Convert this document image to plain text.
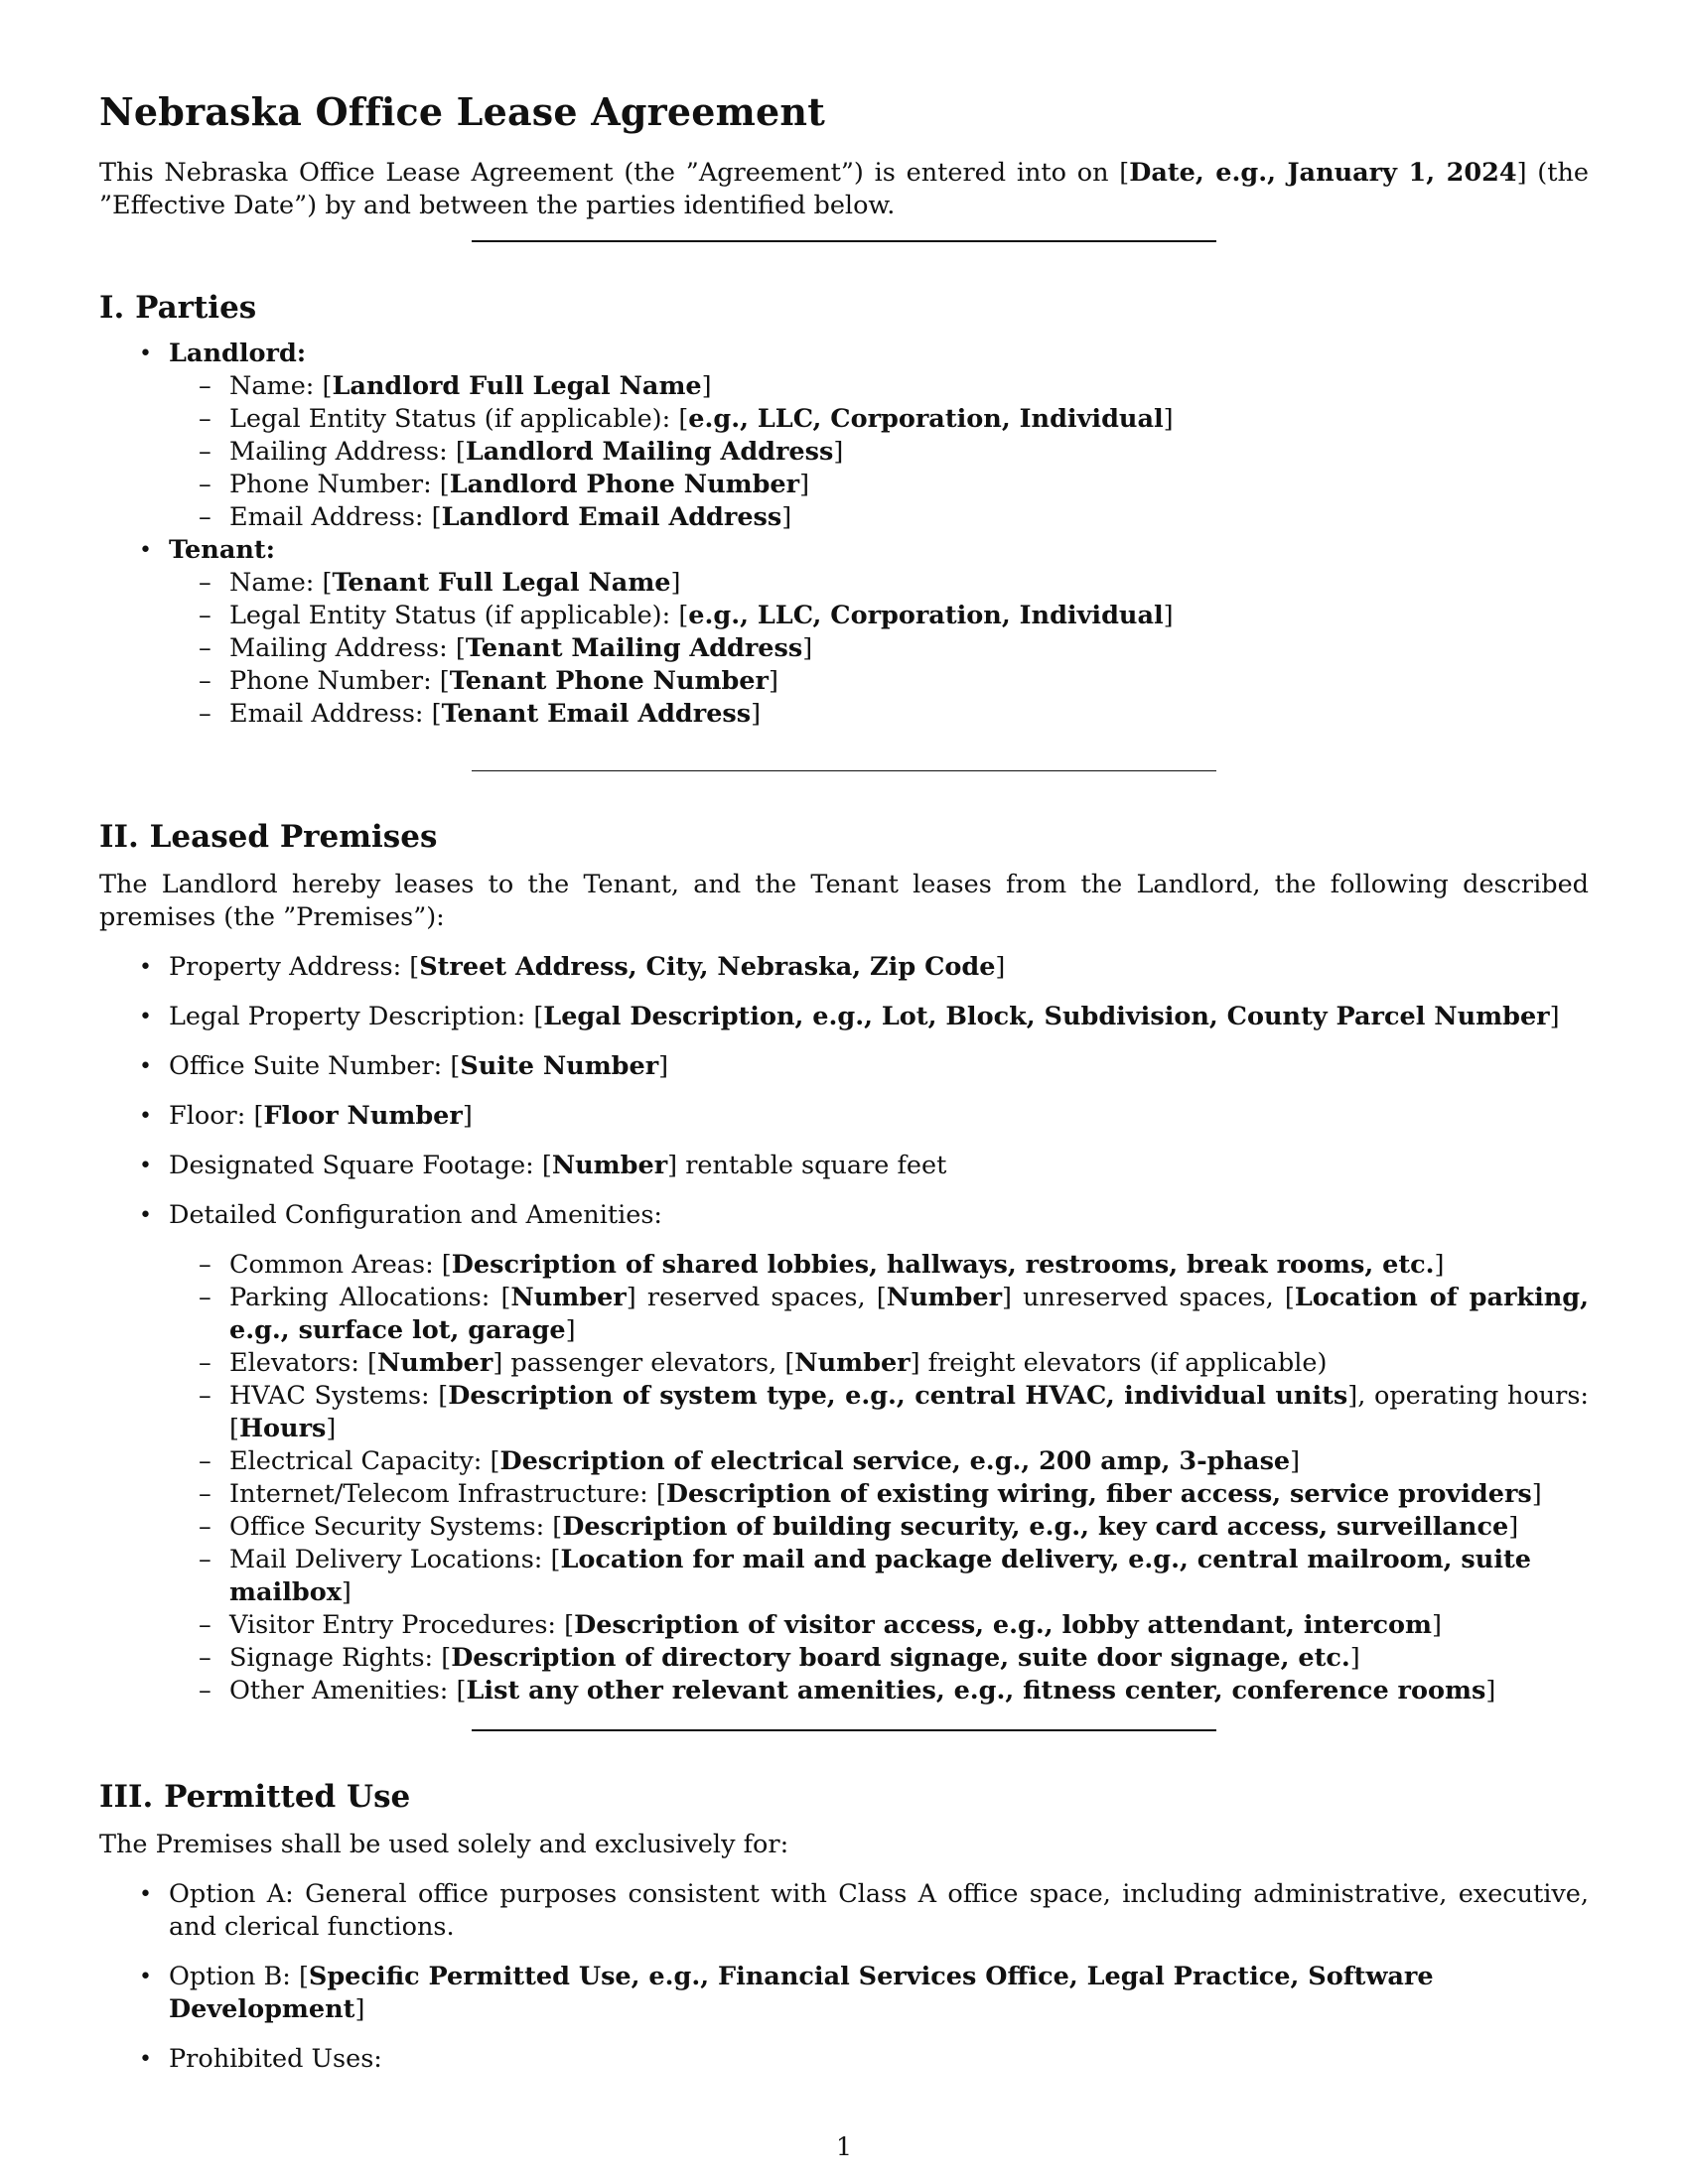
Nebraska Office Lease Agreement

This Nebraska Office Lease Agreement (the ”Agreement”) is entered into on [Date, e.g., January 1, 2024] (the ”Effective Date”) by and between the parties identified below.

I. Parties
• Landlord:
– Name: [Landlord Full Legal Name]
– Legal Entity Status (if applicable): [e.g., LLC, Corporation, Individual]
– Mailing Address: [Landlord Mailing Address]
– Phone Number: [Landlord Phone Number]
– Email Address: [Landlord Email Address]
• Tenant:
– Name: [Tenant Full Legal Name]
– Legal Entity Status (if applicable): [e.g., LLC, Corporation, Individual]
– Mailing Address: [Tenant Mailing Address]
– Phone Number: [Tenant Phone Number]
– Email Address: [Tenant Email Address]
II. Leased Premises

The Landlord hereby leases to the Tenant, and the Tenant leases from the Landlord, the following described premises (the ”Premises”):

• Property Address: [Street Address, City, Nebraska, Zip Code]
• Legal Property Description: [Legal Description, e.g., Lot, Block, Subdivision, County Parcel Number]
• Office Suite Number: [Suite Number]
• Floor: [Floor Number]
• Designated Square Footage: [Number] rentable square feet
• Detailed Configuration and Amenities:
– Common Areas: [Description of shared lobbies, hallways, restrooms, break rooms, etc.]
– Parking Allocations: [Number] reserved spaces, [Number] unreserved spaces, [Location of parking, e.g., surface lot, garage]
– Elevators: [Number] passenger elevators, [Number] freight elevators (if applicable)
– HVAC Systems: [Description of system type, e.g., central HVAC, individual units], operating hours: [Hours]
– Electrical Capacity: [Description of electrical service, e.g., 200 amp, 3-phase]
– Internet/Telecom Infrastructure: [Description of existing wiring, fiber access, service providers]
– Office Security Systems: [Description of building security, e.g., key card access, surveillance]
– Mail Delivery Locations: [Location for mail and package delivery, e.g., central mailroom, suite mailbox]
– Visitor Entry Procedures: [Description of visitor access, e.g., lobby attendant, intercom]
– Signage Rights: [Description of directory board signage, suite door signage, etc.]
– Other Amenities: [List any other relevant amenities, e.g., fitness center, conference rooms]
III. Permitted Use

The Premises shall be used solely and exclusively for:

• Option A: General office purposes consistent with Class A office space, including administrative, executive, and clerical functions.
• Option B: [Specific Permitted Use, e.g., Financial Services Office, Legal Practice, Software Development]
• Prohibited Uses:
1
